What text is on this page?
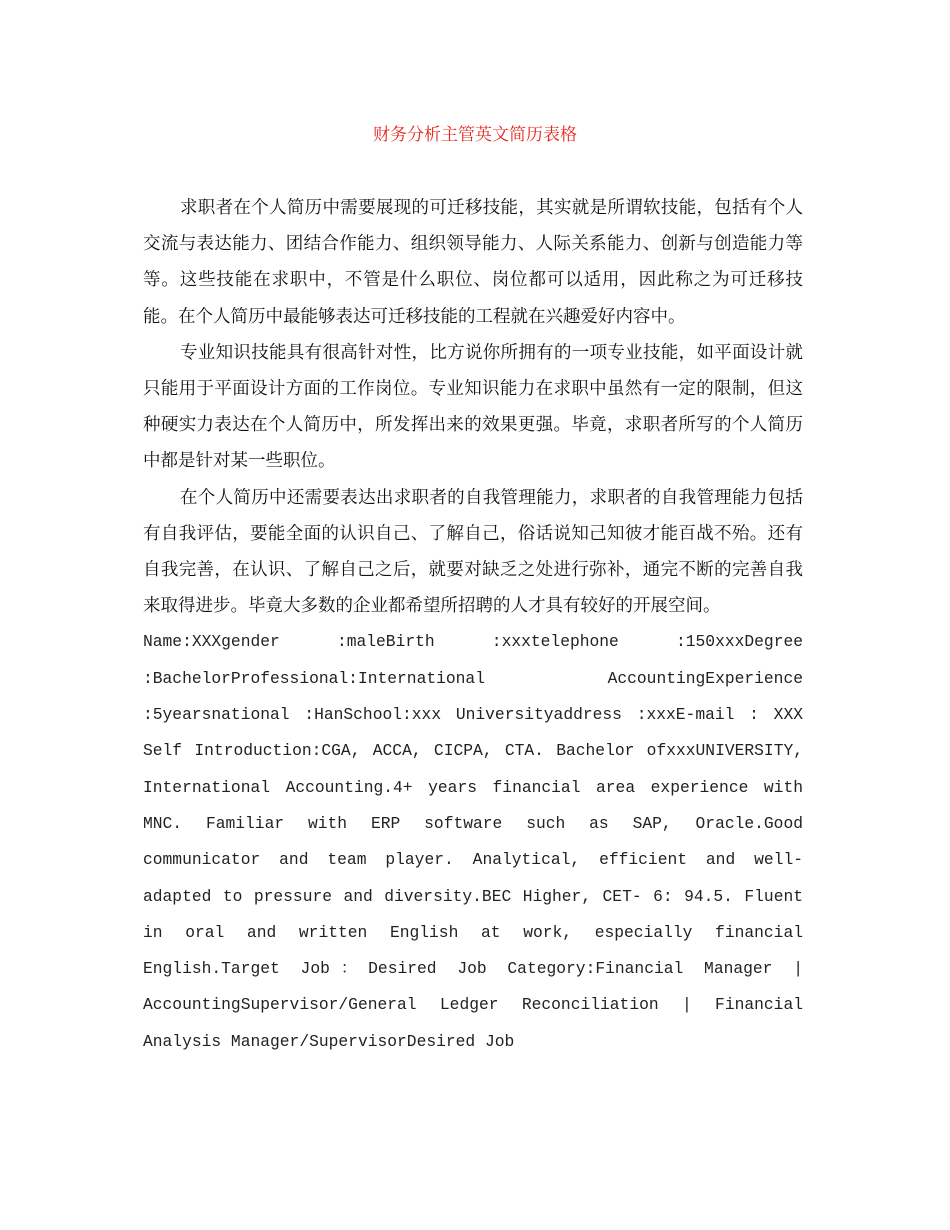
财务分析主管英文简历表格

求职者在个人简历中需要展现的可迁移技能，其实就是所谓软技能，包括有个人交流与表达能力、团结合作能力、组织领导能力、人际关系能力、创新与创造能力等等。这些技能在求职中，不管是什么职位、岗位都可以适用，因此称之为可迁移技能。在个人简历中最能够表达可迁移技能的工程就在兴趣爱好内容中。

专业知识技能具有很高针对性，比方说你所拥有的一项专业技能，如平面设计就只能用于平面设计方面的工作岗位。专业知识能力在求职中虽然有一定的限制，但这种硬实力表达在个人简历中，所发挥出来的效果更强。毕竟，求职者所写的个人简历中都是针对某一些职位。

在个人简历中还需要表达出求职者的自我管理能力，求职者的自我管理能力包括有自我评估，要能全面的认识自己、了解自己，俗话说知己知彼才能百战不殆。还有自我完善，在认识、了解自己之后，就要对缺乏之处进行弥补，通完不断的完善自我来取得进步。毕竟大多数的企业都希望所招聘的人才具有较好的开展空间。

Name:XXXgender :maleBirth :xxxtelephone :150xxxDegree :BachelorProfessional:International AccountingExperience :5yearsnational :HanSchool:xxx Universityaddress :xxxE-mail : XXX Self Introduction:CGA, ACCA, CICPA, CTA. Bachelor ofxxxUNIVERSITY, International Accounting.4+ years financial area experience with MNC. Familiar with ERP software such as SAP, Oracle.Good communicator and team player. Analytical, efficient and well-adapted to pressure and diversity.BEC Higher, CET- 6: 94.5. Fluent in oral and written English at work, especially financial English.Target Job：Desired Job Category:Financial Manager | AccountingSupervisor/General Ledger Reconciliation | Financial Analysis Manager/SupervisorDesired Job
